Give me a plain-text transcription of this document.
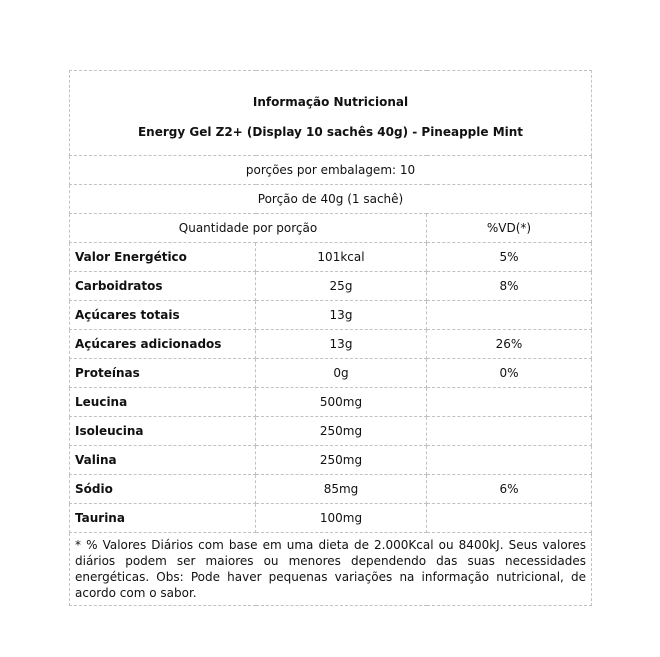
Informação Nutricional
Energy Gel Z2+ (Display 10 sachês 40g) - Pineapple Mint		

porções por embalagem: 10		
Porção de 40g (1 sachê)		
Quantidade por porção		%VD(*)
Valor Energético	101kcal	5%
Carboidratos	25g	8%
Açúcares totais	13g	
Açúcares adicionados	13g	26%
Proteínas	0g	0%
Leucina	500mg	
Isoleucina	250mg	
Valina	250mg	
Sódio	85mg	6%
Taurina	100mg	
* % Valores Diários com base em uma dieta de 2.000Kcal ou 8400kJ. Seus valores diários podem ser maiores ou menores dependendo das suas necessidades energéticas. Obs: Pode haver pequenas variações na informação nutricional, de acordo com o sabor.		
